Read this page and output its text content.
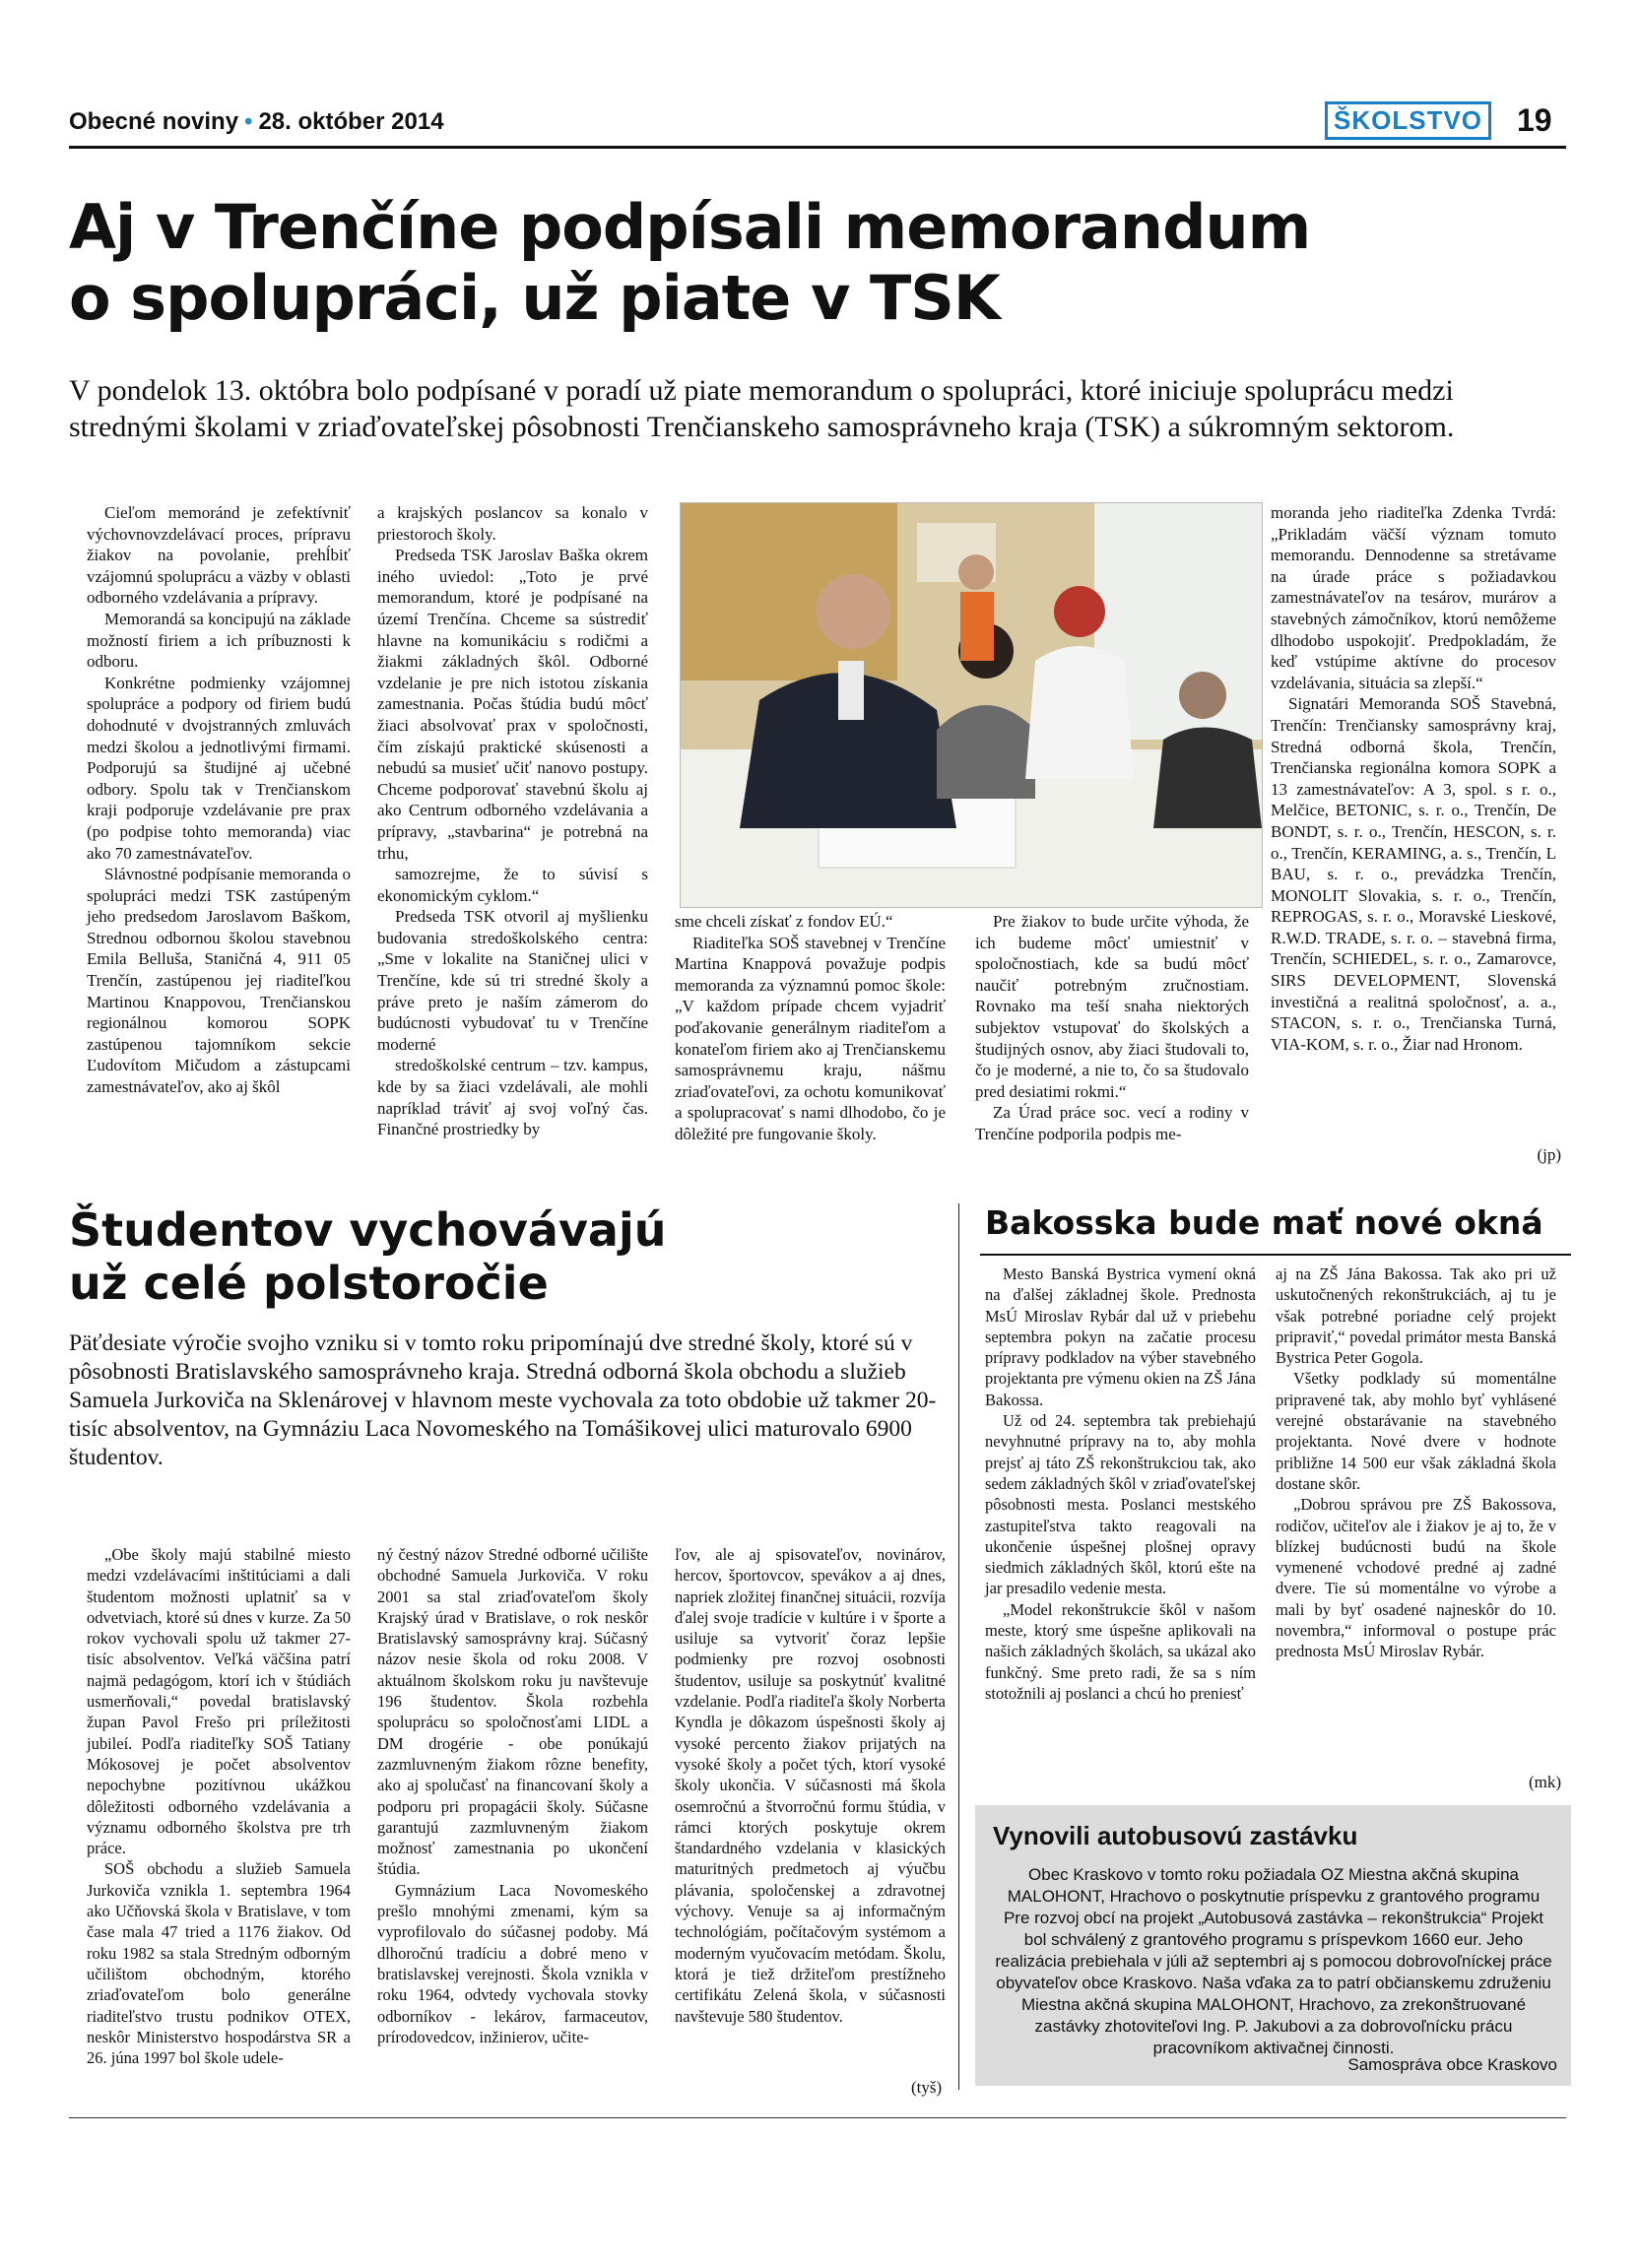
Obecné noviny • 28. október 2014	ŠKOLSTVO 19
Aj v Trenčíne podpísali memorandum
o spolupráci, už piate v TSK
V pondelok 13. októbra bolo podpísané v poradí už piate memorandum o spolupráci, ktoré iniciuje spoluprácu medzi strednými školami v zriaďovateľskej pôsobnosti Trenčianskeho samosprávneho kraja (TSK) a súkromným sektorom.

Cieľom memoránd je zefektívniť výchovnovzdelávací proces, prípravu žiakov na povolanie, prehĺbiť vzájomnú spoluprácu a väzby v oblasti odborného vzdelávania a prípravy.

Memorandá sa koncipujú na základe možností firiem a ich príbuznosti k odboru.

Konkrétne podmienky vzájomnej spolupráce a podpory od firiem budú dohodnuté v dvojstranných zmluvách medzi školou a jednotlivými firmami. Podporujú sa študijné aj učebné odbory. Spolu tak v Trenčianskom kraji podporuje vzdelávanie pre prax (po podpise tohto memoranda) viac ako 70 zamestnávateľov.

Slávnostné podpísanie memoranda o spolupráci medzi TSK zastúpeným jeho predsedom Jaroslavom Baškom, Strednou odbornou školou stavebnou Emila Belluša, Staničná 4, 911 05 Trenčín, zastúpenou jej riaditeľkou Martinou Knappovou, Trenčianskou regionálnou komorou SOPK zastúpenou tajomníkom sekcie Ľudovítom Mičudom a zástupcami zamestnávateľov, ako aj škôl

a krajských poslancov sa konalo v priestoroch školy.

Predseda TSK Jaroslav Baška okrem iného uviedol: „Toto je prvé memorandum, ktoré je podpísané na území Trenčína. Chceme sa sústrediť hlavne na komunikáciu s rodičmi a žiakmi základných škôl. Odborné vzdelanie je pre nich istotou získania zamestnania. Počas štúdia budú môcť žiaci absolvovať prax v spoločnosti, čím získajú praktické skúsenosti a nebudú sa musieť učiť nanovo postupy. Chceme podporovať stavebnú školu aj ako Centrum odborného vzdelávania a prípravy, „stavbarina“ je potrebná na trhu,

samozrejme, že to súvisí s ekonomickým cyklom.“

Predseda TSK otvoril aj myšlienku budovania stredoškolského centra: „Sme v lokalite na Staničnej ulici v Trenčíne, kde sú tri stredné školy a práve preto je naším zámerom do budúcnosti vybudovať tu v Trenčíne moderné

stredoškolské centrum – tzv. kampus, kde by sa žiaci vzdelávali, ale mohli napríklad tráviť aj svoj voľný čas. Finančné prostriedky by

sme chceli získať z fondov EÚ.“

Riaditeľka SOŠ stavebnej v Trenčíne Martina Knappová považuje podpis memoranda za významnú pomoc škole: „V každom prípade chcem vyjadriť poďakovanie generálnym riaditeľom a konateľom firiem ako aj Trenčianskemu samosprávnemu kraju, nášmu zriaďovateľovi, za ochotu komunikovať a spolupracovať s nami dlhodobo, čo je dôležité pre fungovanie školy.

Pre žiakov to bude určite výhoda, že ich budeme môcť umiestniť v spoločnostiach, kde sa budú môcť naučiť potrebným zručnostiam. Rovnako ma teší snaha niektorých subjektov vstupovať do školských a študijných osnov, aby žiaci študovali to, čo je moderné, a nie to, čo sa študovalo pred desiatimi rokmi.“

Za Úrad práce soc. vecí a rodiny v Trenčíne podporila podpis me-

moranda jeho riaditeľka Zdenka Tvrdá: „Prikladám väčší význam tomuto memorandu. Dennodenne sa stretávame na úrade práce s požiadavkou zamestnávateľov na tesárov, murárov a stavebných zámočníkov, ktorú nemôžeme dlhodobo uspokojiť. Predpokladám, že keď vstúpime aktívne do procesov vzdelávania, situácia sa zlepší.“

Signatári Memoranda SOŠ Stavebná, Trenčín: Trenčiansky samosprávny kraj, Stredná odborná škola, Trenčín, Trenčianska regionálna komora SOPK a 13 zamestnávateľov: A 3, spol. s r. o., Melčice, BETONIC, s. r. o., Trenčín, De BONDT, s. r. o., Trenčín, HESCON, s. r. o., Trenčín, KERAMING, a. s., Trenčín, L BAU, s. r. o., prevádzka Trenčín, MONOLIT Slovakia, s. r. o., Trenčín, REPROGAS, s. r. o., Moravské Lieskové, R.W.D. TRADE, s. r. o. – stavebná firma, Trenčín, SCHIEDEL, s. r. o., Zamarovce, SIRS DEVELOPMENT, Slovenská investičná a realitná spoločnosť, a. a., STACON, s. r. o., Trenčianska Turná, VIA-KOM, s. r. o., Žiar nad Hronom.

(jp)
Študentov vychovávajú
už celé polstoročie
Päťdesiate výročie svojho vzniku si v tomto roku pripomínajú dve stredné školy, ktoré sú v pôsobnosti Bratislavského samosprávneho kraja. Stredná odborná škola obchodu a služieb Samuela Jurkoviča na Sklenárovej v hlavnom meste vychovala za toto obdobie už takmer 20-tisíc absolventov, na Gymnáziu Laca Novomeského na Tomášikovej ulici maturovalo 6900 študentov.

„Obe školy majú stabilné miesto medzi vzdelávacími inštitúciami a dali študentom možnosti uplatniť sa v odvetviach, ktoré sú dnes v kurze. Za 50 rokov vychovali spolu už takmer 27-tisíc absolventov. Veľká väčšina patrí najmä pedagógom, ktorí ich v štúdiách usmerňovali,“ povedal bratislavský župan Pavol Frešo pri príležitosti jubileí. Podľa riaditeľky SOŠ Tatiany Mókosovej je počet absolventov nepochybne pozitívnou ukážkou dôležitosti odborného vzdelávania a významu odborného školstva pre trh práce.

SOŠ obchodu a služieb Samuela Jurkoviča vznikla 1. septembra 1964 ako Učňovská škola v Bratislave, v tom čase mala 47 tried a 1176 žiakov. Od roku 1982 sa stala Stredným odborným učilištom obchodným, ktorého zriaďovateľom bolo generálne riaditeľstvo trustu podnikov OTEX, neskôr Ministerstvo hospodárstva SR a 26. júna 1997 bol škole udele-

ný čestný názov Stredné odborné učilište obchodné Samuela Jurkoviča. V roku 2001 sa stal zriaďovateľom školy Krajský úrad v Bratislave, o rok neskôr Bratislavský samosprávny kraj. Súčasný názov nesie škola od roku 2008. V aktuálnom školskom roku ju navštevuje 196 študentov. Škola rozbehla spoluprácu so spoločnosťami LIDL a DM drogérie - obe ponúkajú zazmluvneným žiakom rôzne benefity, ako aj spolučasť na financovaní školy a podporu pri propagácii školy. Súčasne garantujú zazmluvneným žiakom možnosť zamestnania po ukončení štúdia.

Gymnázium Laca Novomeského prešlo mnohými zmenami, kým sa vyprofilovalo do súčasnej podoby. Má dlhoročnú tradíciu a dobré meno v bratislavskej verejnosti. Škola vznikla v roku 1964, odvtedy vychovala stovky odborníkov - lekárov, farmaceutov, prírodovedcov, inžinierov, učite-

ľov, ale aj spisovateľov, novinárov, hercov, športovcov, spevákov a aj dnes, napriek zložitej finančnej situácii, rozvíja ďalej svoje tradície v kultúre i v športe a usiluje sa vytvoriť čoraz lepšie podmienky pre rozvoj osobnosti študentov, usiluje sa poskytnúť kvalitné vzdelanie. Podľa riaditeľa školy Norberta Kyndla je dôkazom úspešnosti školy aj vysoké percento žiakov prijatých na vysoké školy a počet tých, ktorí vysoké školy ukončia. V súčasnosti má škola osemročnú a štvorročnú formu štúdia, v rámci ktorých poskytuje okrem štandardného vzdelania v klasických maturitných predmetoch aj výučbu plávania, spoločenskej a zdravotnej výchovy. Venuje sa aj informačným technológiám, počítačovým systémom a moderným vyučovacím metódam. Školu, ktorá je tiež držiteľom prestížneho certifikátu Zelená škola, v súčasnosti navštevuje 580 študentov.

(tyš)
Bakosska bude mať nové okná

Mesto Banská Bystrica vymení okná na ďalšej základnej škole. Prednosta MsÚ Miroslav Rybár dal už v priebehu septembra pokyn na začatie procesu prípravy podkladov na výber stavebného projektanta pre výmenu okien na ZŠ Jána Bakossa.

Už od 24. septembra tak prebiehajú nevyhnutné prípravy na to, aby mohla prejsť aj táto ZŠ rekonštrukciou tak, ako sedem základných škôl v zriaďovateľskej pôsobnosti mesta. Poslanci mestského zastupiteľstva takto reagovali na ukončenie úspešnej plošnej opravy siedmich základných škôl, ktorú ešte na jar presadilo vedenie mesta.

„Model rekonštrukcie škôl v našom meste, ktorý sme úspešne aplikovali na našich základných školách, sa ukázal ako funkčný. Sme preto radi, že sa s ním stotožnili aj poslanci a chcú ho preniesť

aj na ZŠ Jána Bakossa. Tak ako pri už uskutočnených rekonštrukciách, aj tu je však potrebné poriadne celý projekt pripraviť,“ povedal primátor mesta Banská Bystrica Peter Gogola.

Všetky podklady sú momentálne pripravené tak, aby mohlo byť vyhlásené verejné obstarávanie na stavebného projektanta. Nové dvere v hodnote približne 14 500 eur však základná škola dostane skôr.

„Dobrou správou pre ZŠ Bakossova, rodičov, učiteľov ale i žiakov je aj to, že v blízkej budúcnosti budú na škole vymenené vchodové predné aj zadné dvere. Tie sú momentálne vo výrobe a mali by byť osadené najneskôr do 10. novembra,“ informoval o postupe prác prednosta MsÚ Miroslav Rybár.

(mk)
Vynovili autobusovú zastávku
Obec Kraskovo v tomto roku požiadala OZ Miestna akčná skupina MALOHONT, Hrachovo o poskytnutie príspevku z grantového programu Pre rozvoj obcí na projekt „Autobusová zastávka – rekonštrukcia“ Projekt bol schválený z grantového programu s príspevkom 1660 eur. Jeho realizácia prebiehala v júli až septembri aj s pomocou dobrovoľníckej práce obyvateľov obce Kraskovo. Naša vďaka za to patrí občianskemu združeniu Miestna akčná skupina MALOHONT, Hrachovo, za zrekonštruované zastávky zhotoviteľovi Ing. P. Jakubovi a za dobrovoľnícku prácu pracovníkom aktivačnej činnosti.
Samospráva obce Kraskovo
